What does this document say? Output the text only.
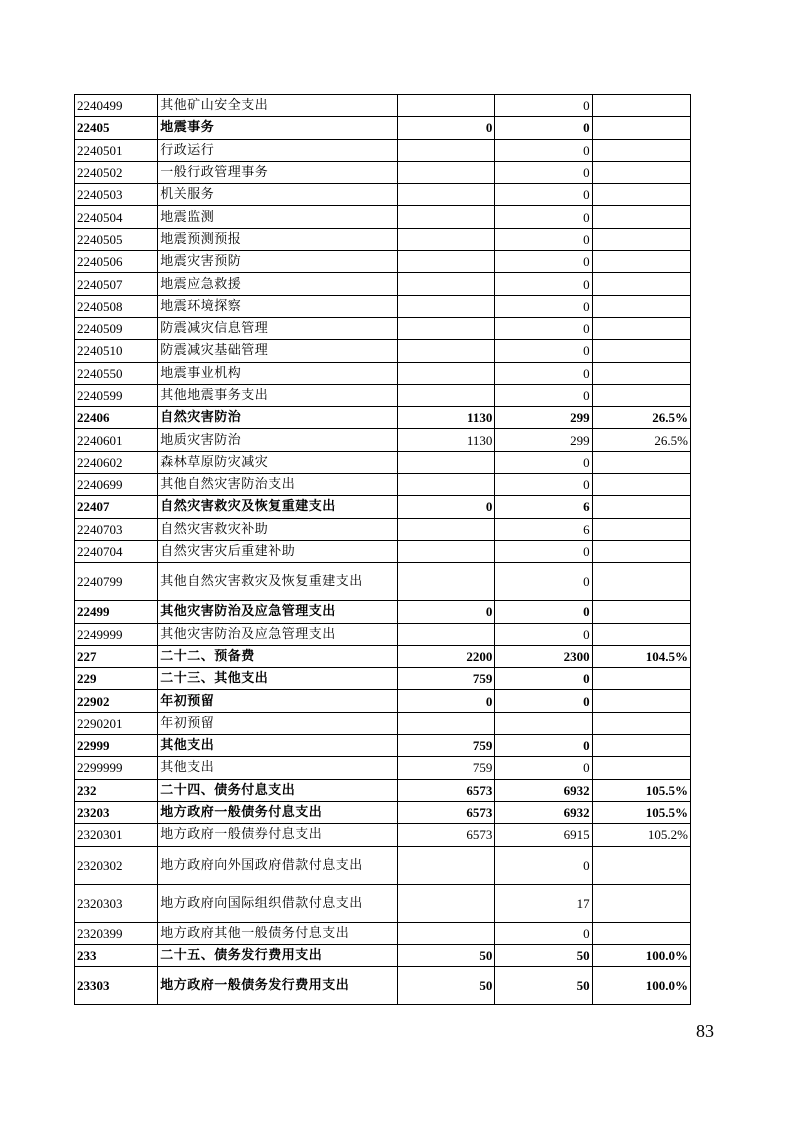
2240499	其他矿山安全支出		0	
22405	地震事务	0	0	
2240501	行政运行		0	
2240502	一般行政管理事务		0	
2240503	机关服务		0	
2240504	地震监测		0	
2240505	地震预测预报		0	
2240506	地震灾害预防		0	
2240507	地震应急救援		0	
2240508	地震环境探察		0	
2240509	防震减灾信息管理		0	
2240510	防震减灾基础管理		0	
2240550	地震事业机构		0	
2240599	其他地震事务支出		0	
22406	自然灾害防治	1130	299	26.5%
2240601	地质灾害防治	1130	299	26.5%
2240602	森林草原防灾减灾		0	
2240699	其他自然灾害防治支出		0	
22407	自然灾害救灾及恢复重建支出	0	6	
2240703	自然灾害救灾补助		6	
2240704	自然灾害灾后重建补助		0	
2240799	其他自然灾害救灾及恢复重建支出		0	
22499	其他灾害防治及应急管理支出	0	0	
2249999	其他灾害防治及应急管理支出		0	
227	二十二、预备费	2200	2300	104.5%
229	二十三、其他支出	759	0	
22902	年初预留	0	0	
2290201	年初预留			
22999	其他支出	759	0	
2299999	其他支出	759	0	
232	二十四、债务付息支出	6573	6932	105.5%
23203	地方政府一般债务付息支出	6573	6932	105.5%
2320301	地方政府一般债券付息支出	6573	6915	105.2%
2320302	地方政府向外国政府借款付息支出		0	
2320303	地方政府向国际组织借款付息支出		17	
2320399	地方政府其他一般债务付息支出		0	
233	二十五、债务发行费用支出	50	50	100.0%
23303	地方政府一般债务发行费用支出	50	50	100.0%
83
